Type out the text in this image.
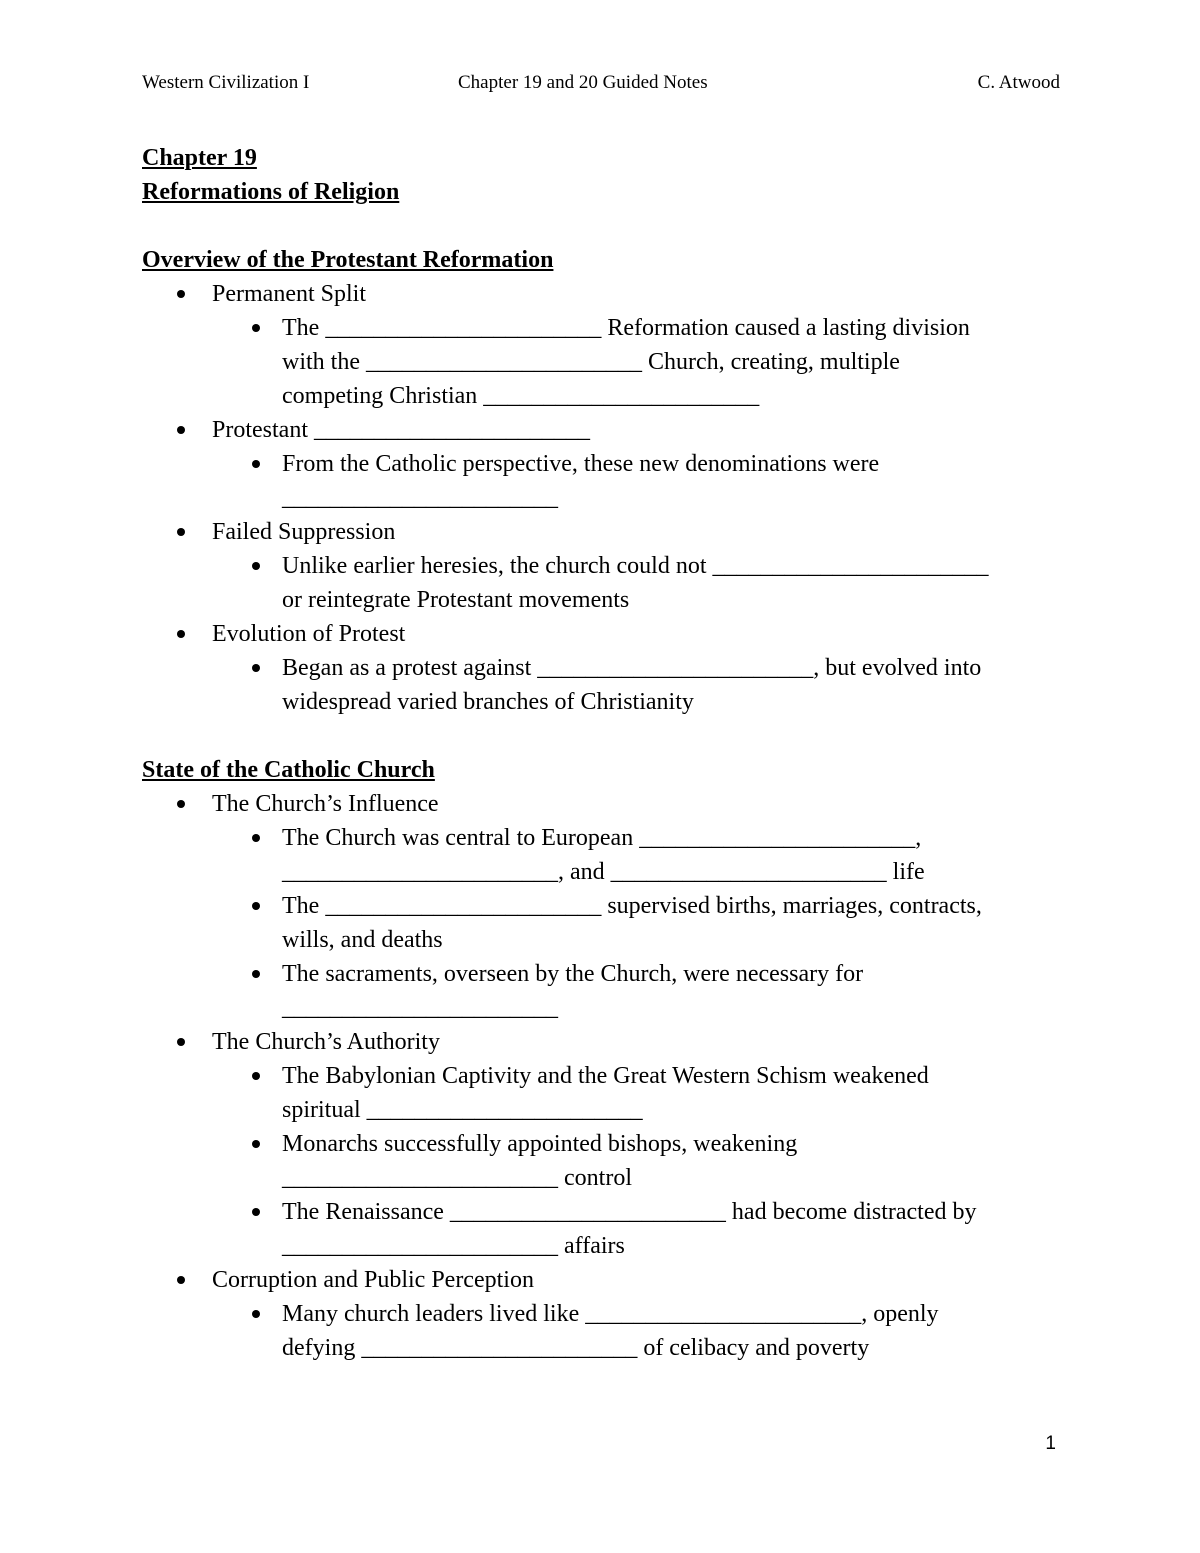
Western Civilization I	Chapter 19 and 20 Guided Notes	C. Atwood

Chapter 19

Reformations of Religion

Overview of the Protestant Reformation

Permanent Split
The _______________________ Reformation caused a lasting division with the _______________________ Church, creating, multiple competing Christian _______________________
Protestant _______________________
From the Catholic perspective, these new denominations were _______________________
Failed Suppression
Unlike earlier heresies, the church could not _______________________ or reintegrate Protestant movements
Evolution of Protest
Began as a protest against _______________________, but evolved into widespread varied branches of Christianity

State of the Catholic Church

The Church’s Influence
The Church was central to European _______________________, _______________________, and _______________________ life
The _______________________ supervised births, marriages, contracts, wills, and deaths
The sacraments, overseen by the Church, were necessary for _______________________
The Church’s Authority
The Babylonian Captivity and the Great Western Schism weakened spiritual _______________________
Monarchs successfully appointed bishops, weakening _______________________ control
The Renaissance _______________________ had become distracted by _______________________ affairs
Corruption and Public Perception
Many church leaders lived like _______________________, openly defying _______________________ of celibacy and poverty
1
